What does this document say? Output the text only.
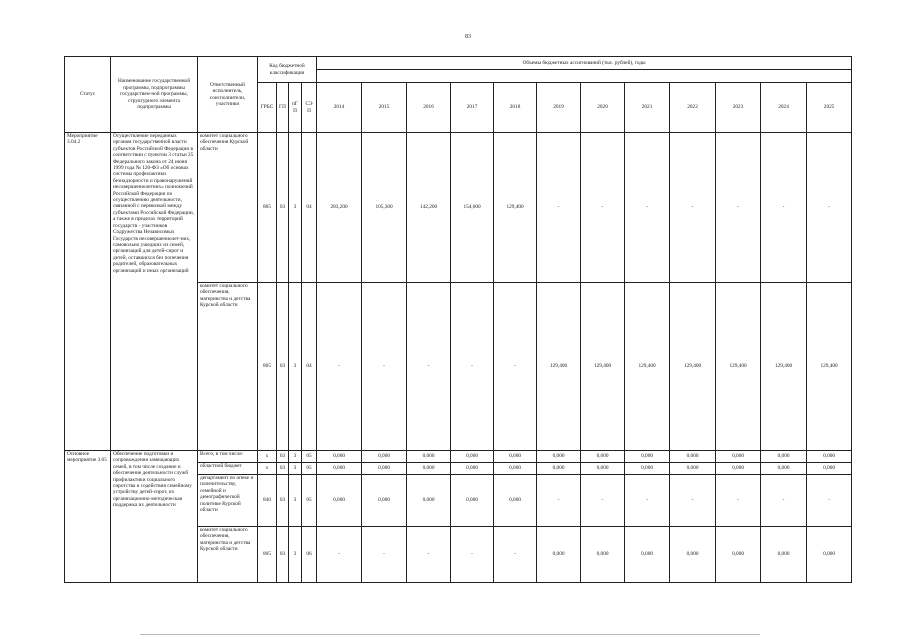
83
Статус	Наименование государственной программы, подпрограммы государствен-ной программы, структурного элемента подпрограммы	Ответственный исполнитель, соисполнители, участники	Код бюджетной классификации				Объемы бюджетных ассигнований (тыс. рублей), годы											

			ГРБС	ГП	пГП	СЭП	2014	2015	2016	2017	2018	2019	2020	2021	2022	2023	2024	2025
Мероприятие 3.04.2	Осуществление переданных органам государственной власти субъектов Российской Федерации в соответствии с пунктом 3 статьи 25 Федерального закона от 24 июня 1999 года № 120-ФЗ «Об основах системы профилактики безнадзорности и правонарушений несовершеннолетних» полномочий Российской Федерации по осуществлению деятельности, связанной с перевозкой между субъектами Российской Федерации, а также в пределах территорий государств - участников Содружества Независимых Государств несовершеннолет-них, самовольно ушедших из семей, организаций для детей-сирот и детей, оставшихся без попечения родителей, образовательных организаций и иных организаций	комитет социального обеспечения Курской области	805	03	3	04	283,200	105,300	142,200	154,000	129,400	-	-	-	-	-	-	-
		комитет социального обеспечения, материнства и детства Курской области	805	03	3	04	-	-	-	-	-	129,400	129,400	129,400	129,400	129,400	129,400	129,400
Основное мероприятие 3.05	Обеспечение подготовки и сопровождения замещающих семей, в том числе создание и обеспечение деятельности служб профилактики социального сиротства и содействия семейному устройству детей-сирот, их организационно-методическая поддержка их деятельности	Всего, в том числе:	х	03	3	05	0,000	0,000	0,000	0,000	0,000	0,000	0,000	0,000	0,000	0,000	0,000	0,000
		областной бюджет	х	03	3	05	0,000	0,000	0,000	0,000	0,000	0,000	0,000	0,000	0,000	0,000	0,000	0,000
		департамент по опеке и попечительству, семейной и демографической политике Курской области	840	03	3	05	0,000	0,000	0,000	0,000	0,000	-	-	-	-	-	-	-
		комитет социального обеспечения, материнства и детства Курской области	805	03	3	06	-	-	-	-	-	0,000	0,000	0,000	0,000	0,000	0,000	0,000
